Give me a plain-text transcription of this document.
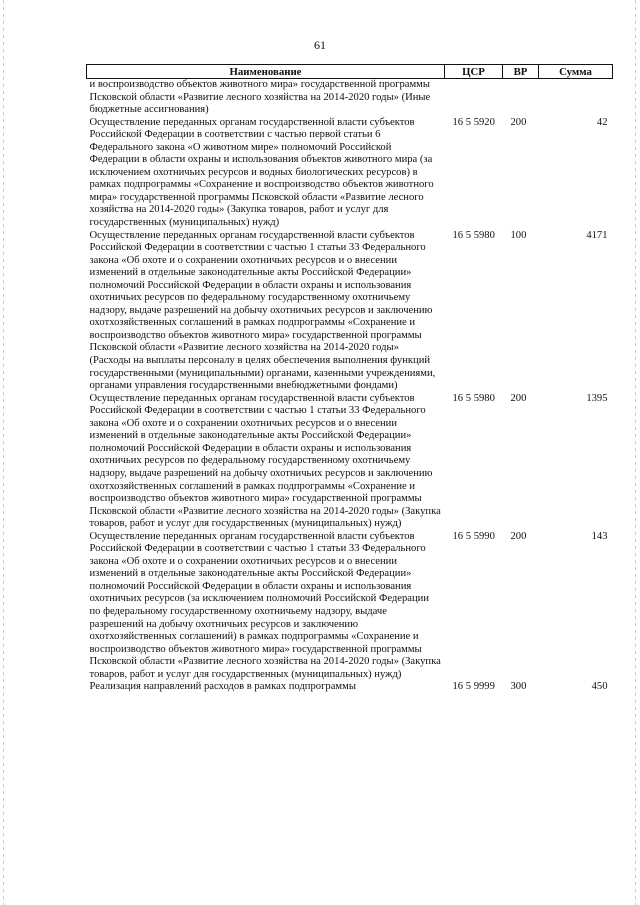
61
Наименование	ЦСР	ВР	Сумма
и воспроизводство объектов животного мира» государственной программы Псковской области «Развитие лесного хозяйства на 2014-2020 годы» (Иные бюджетные ассигнования)			
Осуществление переданных органам государственной власти субъектов Российской Федерации в соответствии с частью первой статьи 6 Федерального закона «О животном мире» полномочий Российской Федерации в области охраны и использования объектов животного мира (за исключением охотничьих ресурсов и водных биологических ресурсов) в рамках подпрограммы «Сохранение и воспроизводство объектов животного мира» государственной программы Псковской области «Развитие лесного хозяйства на 2014-2020 годы» (Закупка товаров, работ и услуг для государственных (муниципальных) нужд)	16 5 5920	200	42
Осуществление переданных органам государственной власти субъектов Российской Федерации в соответствии с частью 1 статьи 33 Федерального закона «Об охоте и о сохранении охотничьих ресурсов и о внесении изменений в отдельные законодательные акты Российской Федерации» полномочий Российской Федерации в области охраны и использования охотничьих ресурсов по федеральному государственному охотничьему надзору, выдаче разрешений на добычу охотничьих ресурсов и заключению охотхозяйственных соглашений в рамках подпрограммы «Сохранение и воспроизводство объектов животного мира» государственной программы Псковской области «Развитие лесного хозяйства на 2014-2020 годы» (Расходы на выплаты персоналу в целях обеспечения выполнения функций государственными (муниципальными) органами, казенными учреждениями, органами управления государственными внебюджетными фондами)	16 5 5980	100	4171
Осуществление переданных органам государственной власти субъектов Российской Федерации в соответствии с частью 1 статьи 33 Федерального закона «Об охоте и о сохранении охотничьих ресурсов и о внесении изменений в отдельные законодательные акты Российской Федерации» полномочий Российской Федерации в области охраны и использования охотничьих ресурсов по федеральному государственному охотничьему надзору, выдаче разрешений на добычу охотничьих ресурсов и заключению охотхозяйственных соглашений в рамках подпрограммы «Сохранение и воспроизводство объектов животного мира» государственной программы Псковской области «Развитие лесного хозяйства на 2014-2020 годы» (Закупка товаров, работ и услуг для государственных (муниципальных) нужд)	16 5 5980	200	1395
Осуществление переданных органам государственной власти субъектов Российской Федерации в соответствии с частью 1 статьи 33 Федерального закона «Об охоте и о сохранении охотничьих ресурсов и о внесении изменений в отдельные законодательные акты Российской Федерации» полномочий Российской Федерации в области охраны и использования охотничьих ресурсов (за исключением полномочий Российской Федерации по федеральному государственному охотничьему надзору, выдаче разрешений на добычу охотничьих ресурсов и заключению охотхозяйственных соглашений) в рамках подпрограммы «Сохранение и воспроизводство объектов животного мира» государственной программы Псковской области «Развитие лесного хозяйства на 2014-2020 годы» (Закупка товаров, работ и услуг для государственных (муниципальных) нужд)	16 5 5990	200	143
Реализация направлений расходов в рамках подпрограммы	16 5 9999	300	450
